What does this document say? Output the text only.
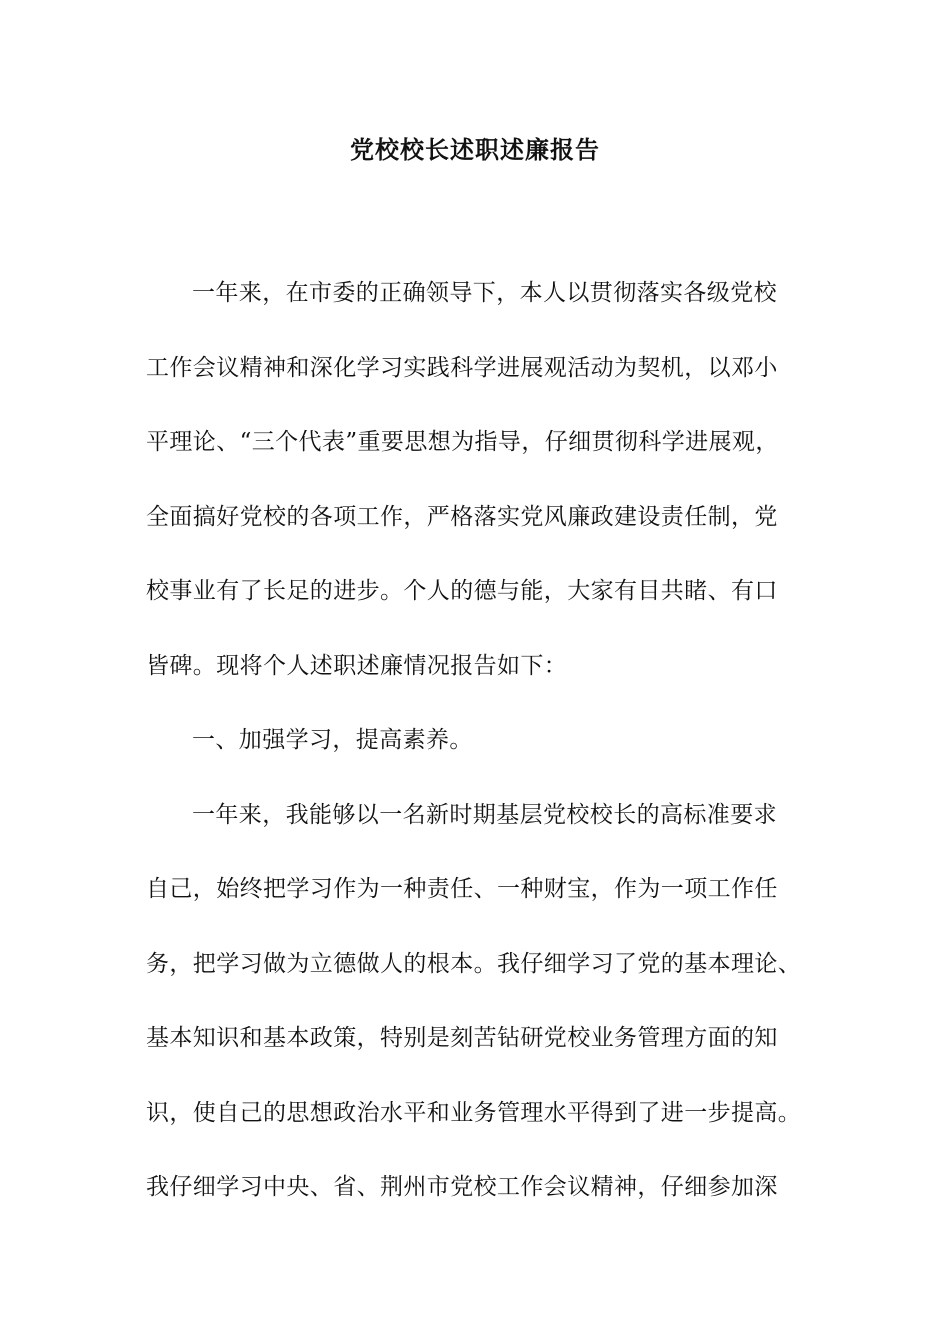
党校校长述职述廉报告
一年来，在市委的正确领导下，本人以贯彻落实各级党校
工作会议精神和深化学习实践科学进展观活动为契机，以邓小
平理论、“三个代表”重要思想为指导，仔细贯彻科学进展观，
全面搞好党校的各项工作，严格落实党风廉政建设责任制，党
校事业有了长足的进步。个人的德与能，大家有目共睹、有口
皆碑。现将个人述职述廉情况报告如下：
一、加强学习，提高素养。
一年来，我能够以一名新时期基层党校校长的高标准要求
自己，始终把学习作为一种责任、一种财宝，作为一项工作任
务，把学习做为立德做人的根本。我仔细学习了党的基本理论、
基本知识和基本政策，特别是刻苦钻研党校业务管理方面的知
识，使自己的思想政治水平和业务管理水平得到了进一步提高。
我仔细学习中央、省、荆州市党校工作会议精神，仔细参加深
